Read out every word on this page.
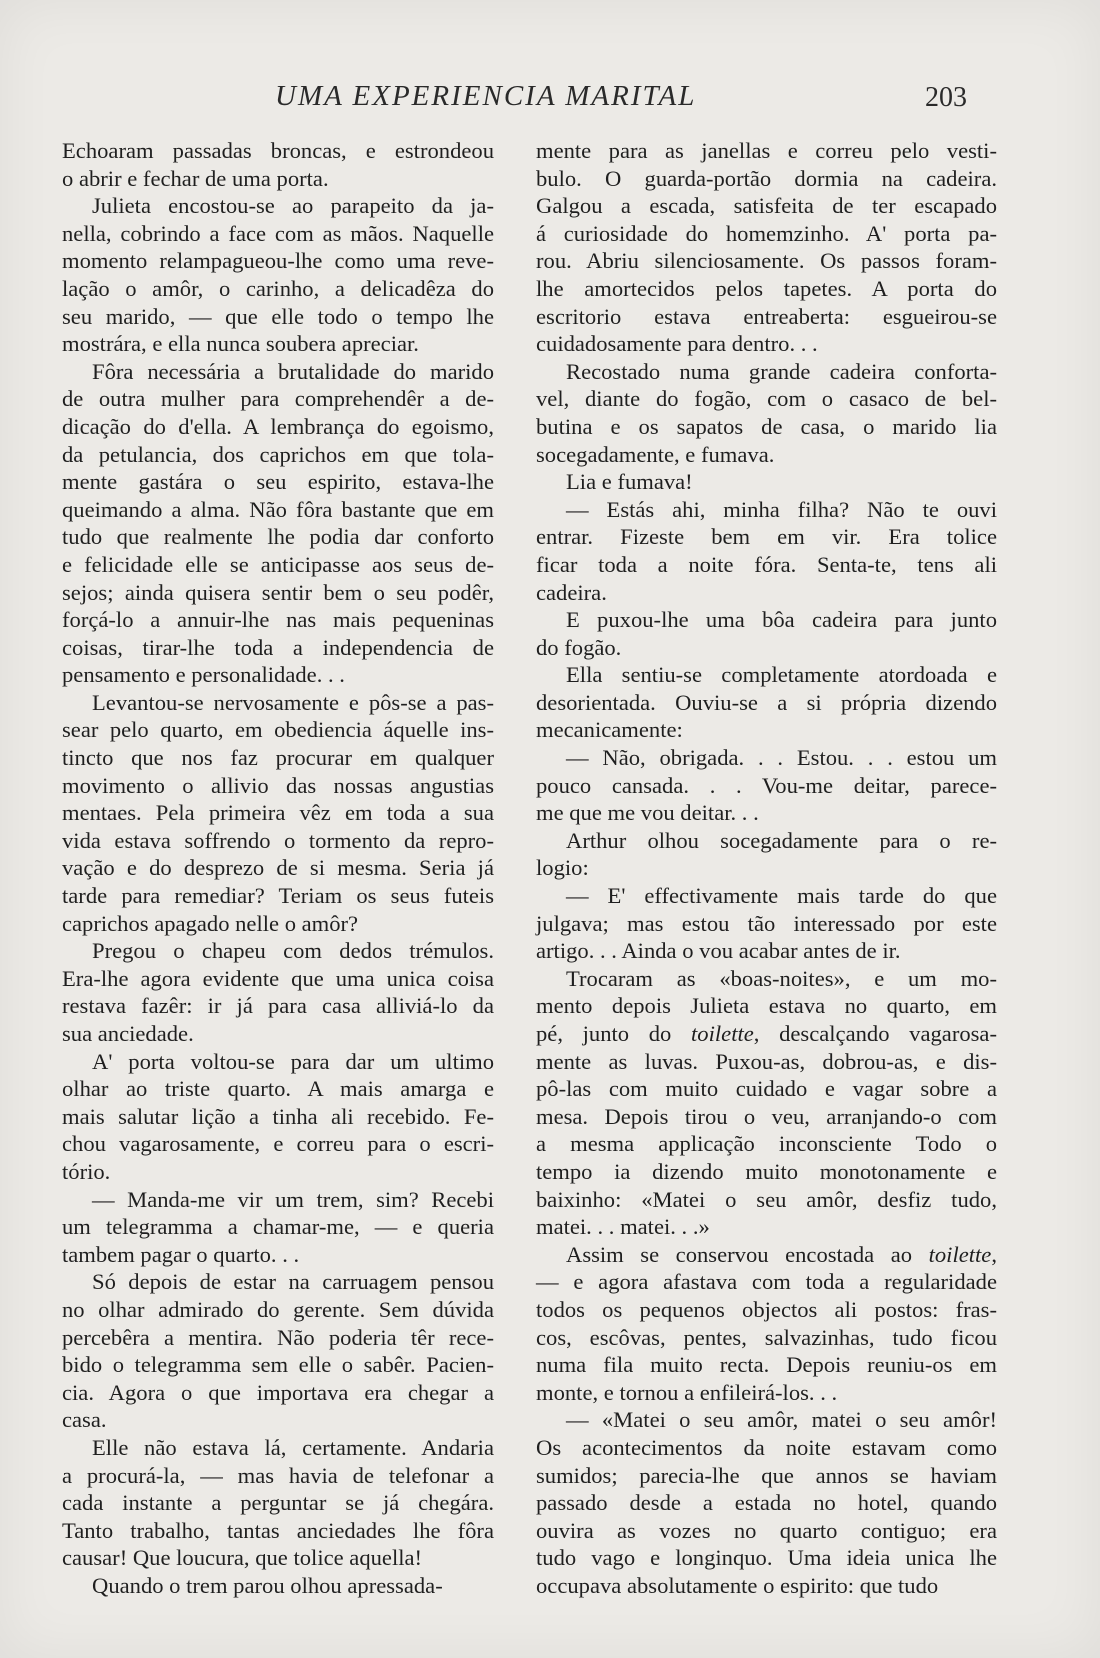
UMA EXPERIENCIA MARITAL	203

Echoaram passadas broncas, e estrondeou
o abrir e fechar de uma porta.

Julieta encostou-se ao parapeito da ja-
nella, cobrindo a face com as mãos. Naquelle
momento relampagueou-lhe como uma reve-
lação o amôr, o carinho, a delicadêza do
seu marido, — que elle todo o tempo lhe
mostrára, e ella nunca soubera apreciar.

Fôra necessária a brutalidade do marido
de outra mulher para comprehendêr a de-
dicação do d'ella. A lembrança do egoismo,
da petulancia, dos caprichos em que tola-
mente gastára o seu espirito, estava-lhe
queimando a alma. Não fôra bastante que em
tudo que realmente lhe podia dar conforto
e felicidade elle se anticipasse aos seus de-
sejos; ainda quisera sentir bem o seu podêr,
forçá-lo a annuir-lhe nas mais pequeninas
coisas, tirar-lhe toda a independencia de
pensamento e personalidade. . .

Levantou-se nervosamente e pôs-se a pas-
sear pelo quarto, em obediencia áquelle ins-
tincto que nos faz procurar em qualquer
movimento o allivio das nossas angustias
mentaes. Pela primeira vêz em toda a sua
vida estava soffrendo o tormento da repro-
vação e do desprezo de si mesma. Seria já
tarde para remediar? Teriam os seus futeis
caprichos apagado nelle o amôr?

Pregou o chapeu com dedos trémulos.
Era-lhe agora evidente que uma unica coisa
restava fazêr: ir já para casa alliviá-lo da
sua anciedade.

A' porta voltou-se para dar um ultimo
olhar ao triste quarto. A mais amarga e
mais salutar lição a tinha ali recebido. Fe-
chou vagarosamente, e correu para o escri-
tório.

— Manda-me vir um trem, sim? Recebi
um telegramma a chamar-me, — e queria
tambem pagar o quarto. . .

Só depois de estar na carruagem pensou
no olhar admirado do gerente. Sem dúvida
percebêra a mentira. Não poderia têr rece-
bido o telegramma sem elle o sabêr. Pacien-
cia. Agora o que importava era chegar a
casa.

Elle não estava lá, certamente. Andaria
a procurá-la, — mas havia de telefonar a
cada instante a perguntar se já chegára.
Tanto trabalho, tantas anciedades lhe fôra
causar! Que loucura, que tolice aquella!

Quando o trem parou olhou apressada-

mente para as janellas e correu pelo vesti-
bulo. O guarda-portão dormia na cadeira.
Galgou a escada, satisfeita de ter escapado
á curiosidade do homemzinho. A' porta pa-
rou. Abriu silenciosamente. Os passos foram-
lhe amortecidos pelos tapetes. A porta do
escritorio estava entreaberta: esgueirou-se
cuidadosamente para dentro. . .

Recostado numa grande cadeira conforta-
vel, diante do fogão, com o casaco de bel-
butina e os sapatos de casa, o marido lia
socegadamente, e fumava.

Lia e fumava!

— Estás ahi, minha filha? Não te ouvi
entrar. Fizeste bem em vir. Era tolice
ficar toda a noite fóra. Senta-te, tens ali
cadeira.

E puxou-lhe uma bôa cadeira para junto
do fogão.

Ella sentiu-se completamente atordoada e
desorientada. Ouviu-se a si própria dizendo
mecanicamente:

— Não, obrigada. . . Estou. . . estou um
pouco cansada. . . Vou-me deitar, parece-
me que me vou deitar. . .

Arthur olhou socegadamente para o re-
logio:

— E' effectivamente mais tarde do que
julgava; mas estou tão interessado por este
artigo. . . Ainda o vou acabar antes de ir.

Trocaram as «boas-noites», e um mo-
mento depois Julieta estava no quarto, em
pé, junto do toilette, descalçando vagarosa-
mente as luvas. Puxou-as, dobrou-as, e dis-
pô-las com muito cuidado e vagar sobre a
mesa. Depois tirou o veu, arranjando-o com
a mesma applicação inconsciente Todo o
tempo ia dizendo muito monotonamente e
baixinho: «Matei o seu amôr, desfiz tudo,
matei. . . matei. . .»

Assim se conservou encostada ao toilette,
— e agora afastava com toda a regularidade
todos os pequenos objectos ali postos: fras-
cos, escôvas, pentes, salvazinhas, tudo ficou
numa fila muito recta. Depois reuniu-os em
monte, e tornou a enfileirá-los. . .

— «Matei o seu amôr, matei o seu amôr!
Os acontecimentos da noite estavam como
sumidos; parecia-lhe que annos se haviam
passado desde a estada no hotel, quando
ouvira as vozes no quarto contiguo; era
tudo vago e longinquo. Uma ideia unica lhe
occupava absolutamente o espirito: que tudo
